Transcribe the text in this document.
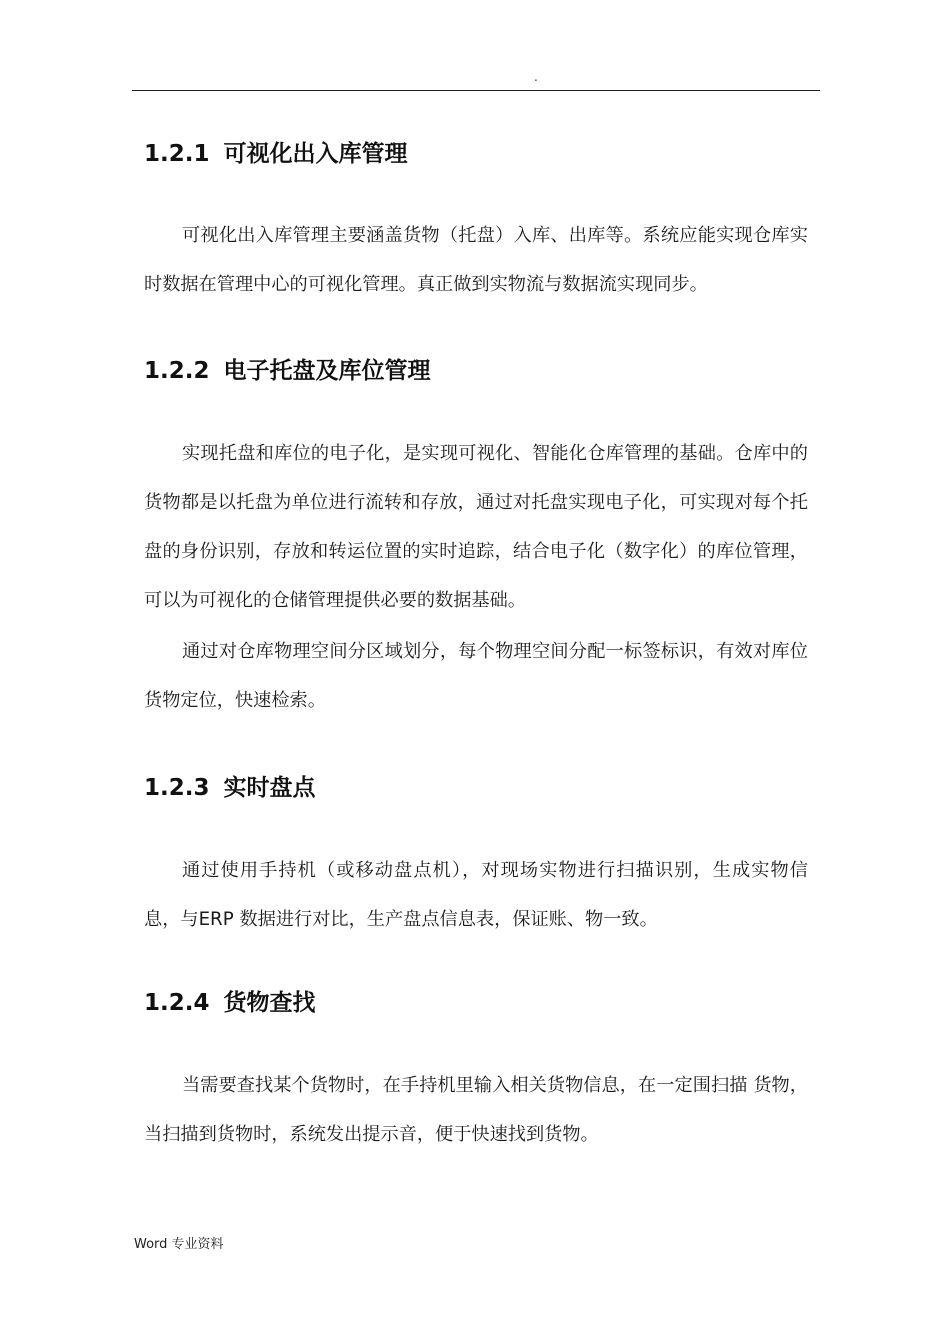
.
1.2.1 可视化出入库管理

可视化出入库管理主要涵盖货物（托盘）入库、出库等。系统应能实现仓库实时数据在管理中心的可视化管理。真正做到实物流与数据流实现同步。

1.2.2 电子托盘及库位管理

实现托盘和库位的电子化，是实现可视化、智能化仓库管理的基础。仓库中的货物都是以托盘为单位进行流转和存放，通过对托盘实现电子化，可实现对每个托盘的身份识别，存放和转运位置的实时追踪，结合电子化（数字化）的库位管理，可以为可视化的仓储管理提供必要的数据基础。

通过对仓库物理空间分区域划分，每个物理空间分配一标签标识，有效对库位货物定位，快速检索。

1.2.3 实时盘点

通过使用手持机（或移动盘点机），对现场实物进行扫描识别，生成实物信息，与ERP 数据进行对比，生产盘点信息表，保证账、物一致。

1.2.4 货物查找

当需要查找某个货物时，在手持机里输入相关货物信息，在一定围扫描 货物，当扫描到货物时，系统发出提示音，便于快速找到货物。

Word 专业资料
